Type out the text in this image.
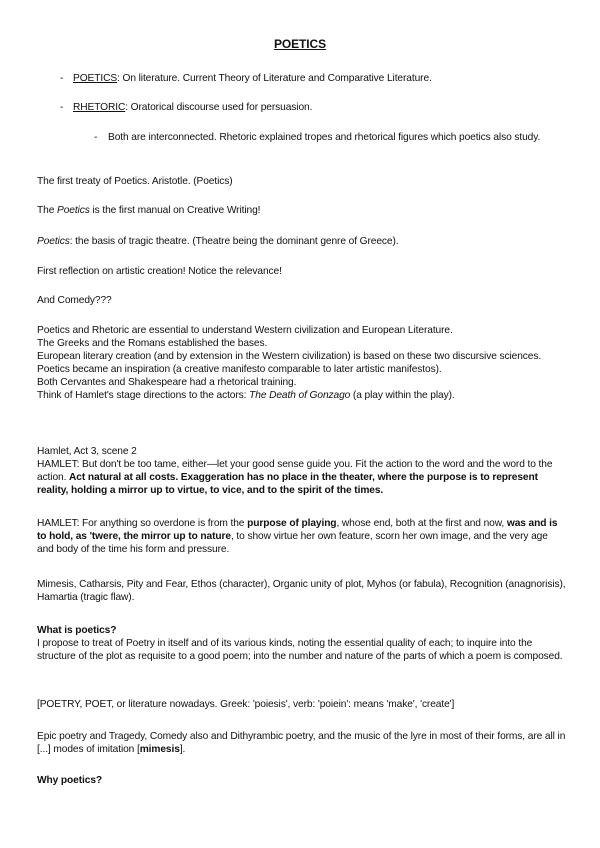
POETICS
- POETICS: On literature. Current Theory of Literature and Comparative Literature.
- RHETORIC: Oratorical discourse used for persuasion.
- Both are interconnected. Rhetoric explained tropes and rhetorical figures which poetics also study.

The first treaty of Poetics. Aristotle. (Poetics)

The Poetics is the first manual on Creative Writing!

Poetics: the basis of tragic theatre. (Theatre being the dominant genre of Greece).

First reflection on artistic creation! Notice the relevance!

And Comedy???

Poetics and Rhetoric are essential to understand Western civilization and European Literature.
The Greeks and the Romans established the bases.
European literary creation (and by extension in the Western civilization) is based on these two discursive sciences.
Poetics became an inspiration (a creative manifesto comparable to later artistic manifestos).
Both Cervantes and Shakespeare had a rhetorical training.
Think of Hamlet's stage directions to the actors: The Death of Gonzago (a play within the play).
Hamlet, Act 3, scene 2
HAMLET: But don't be too tame, either—let your good sense guide you. Fit the action to the word and the word to the action. Act natural at all costs. Exaggeration has no place in the theater, where the purpose is to represent reality, holding a mirror up to virtue, to vice, and to the spirit of the times.

HAMLET: For anything so overdone is from the purpose of playing, whose end, both at the first and now, was and is to hold, as 'twere, the mirror up to nature, to show virtue her own feature, scorn her own image, and the very age and body of the time his form and pressure.

Mimesis, Catharsis, Pity and Fear, Ethos (character), Organic unity of plot, Myhos (or fabula), Recognition (anagnorisis), Hamartia (tragic flaw).

What is poetics?
I propose to treat of Poetry in itself and of its various kinds, noting the essential quality of each; to inquire into the structure of the plot as requisite to a good poem; into the number and nature of the parts of which a poem is composed.

[POETRY, POET, or literature nowadays. Greek: 'poiesis', verb: 'poiein': means 'make', 'create']

Epic poetry and Tragedy, Comedy also and Dithyrambic poetry, and the music of the lyre in most of their forms, are all in [...] modes of imitation [mimesis].

Why poetics?
